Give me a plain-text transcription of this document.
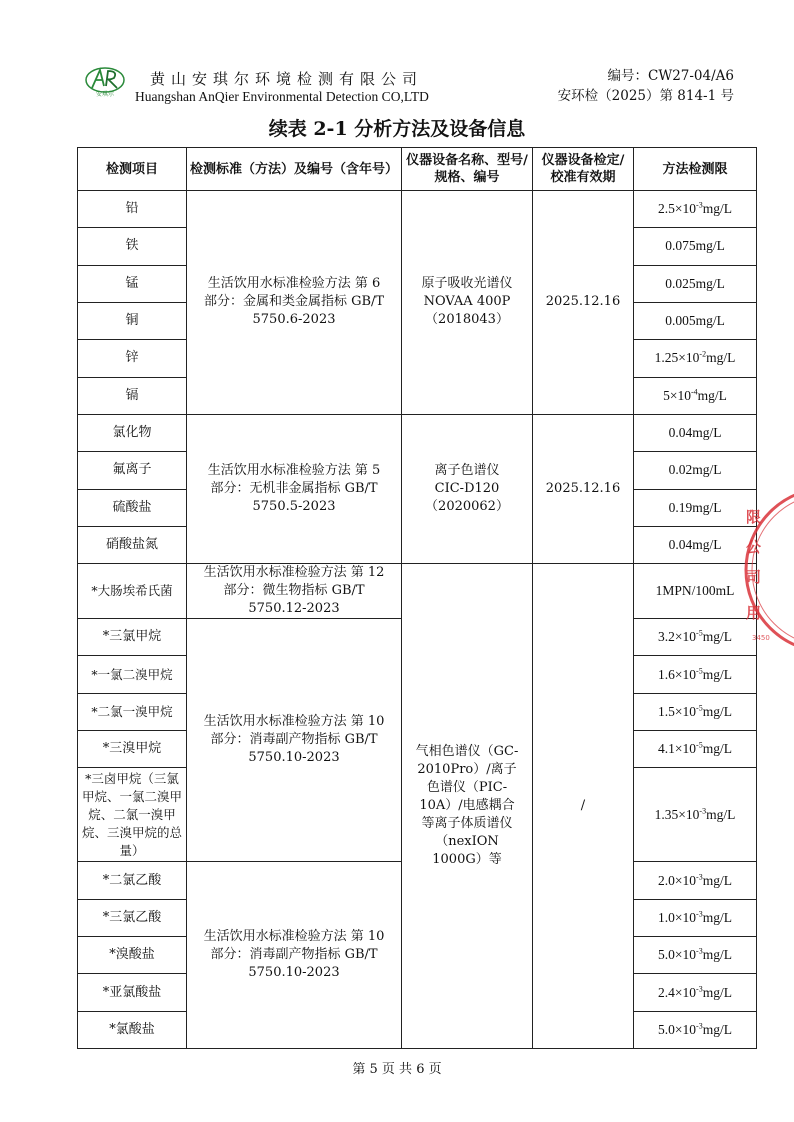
安琪尔
黄山安琪尔环境检测有限公司
Huangshan AnQier Environmental Detection CO,LTD
编号：CW27-04/A6
安环检（2025）第 814-1 号
续表 2-1 分析方法及设备信息
检测项目	检测标准（方法）及编号（含年号）	仪器设备名称、型号/规格、编号	仪器设备检定/校准有效期	方法检测限
铅	生活饮用水标准检验方法 第 6 部分：金属和类金属指标 GB/T 5750.6-2023	原子吸收光谱仪 NOVAA 400P （2018043）	2025.12.16	$2.5\times 10^{-3}mg/L$
铁				0.075mg/L
锰				0.025mg/L
铜				0.005mg/L
锌				$1.25\times 10^{-2}mg/L$
镉				$5\times 10^{-4}mg/L$
氯化物	生活饮用水标准检验方法 第 5 部分：无机非金属指标 GB/T 5750.5-2023	离子色谱仪 CIC-D120 （2020062）	2025.12.16	0.04mg/L
氟离子				0.02mg/L
硫酸盐				0.19mg/L
硝酸盐氮				0.04mg/L
*大肠埃希氏菌	生活饮用水标准检验方法 第 12 部分：微生物指标 GB/T 5750.12-2023	气相色谱仪（GC-2010Pro）/离子色谱仪（PIC-10A）/电感耦合等离子体质谱仪（nexION 1000G）等	/	1MPN/100mL
*三氯甲烷	生活饮用水标准检验方法 第 10 部分：消毒副产物指标 GB/T 5750.10-2023			$3.2\times 10^{-5}mg/L$
*一氯二溴甲烷				$1.6\times 10^{-5}mg/L$
*二氯一溴甲烷				$1.5\times 10^{-5}mg/L$
*三溴甲烷				$4.1\times 10^{-5}mg/L$
*三卤甲烷（三氯甲烷、一氯二溴甲烷、二氯一溴甲烷、三溴甲烷的总量）				$1.35\times 10^{-3}mg/L$
*二氯乙酸	生活饮用水标准检验方法 第 10 部分：消毒副产物指标 GB/T 5750.10-2023			$2.0\times 10^{-3}mg/L$
*三氯乙酸				$1.0\times 10^{-3}mg/L$
*溴酸盐				$5.0\times 10^{-3}mg/L$
*亚氯酸盐				$2.4\times 10^{-3}mg/L$
*氯酸盐				$5.0\times 10^{-3}mg/L$
限
公
司
用
3450
第 5 页 共 6 页
